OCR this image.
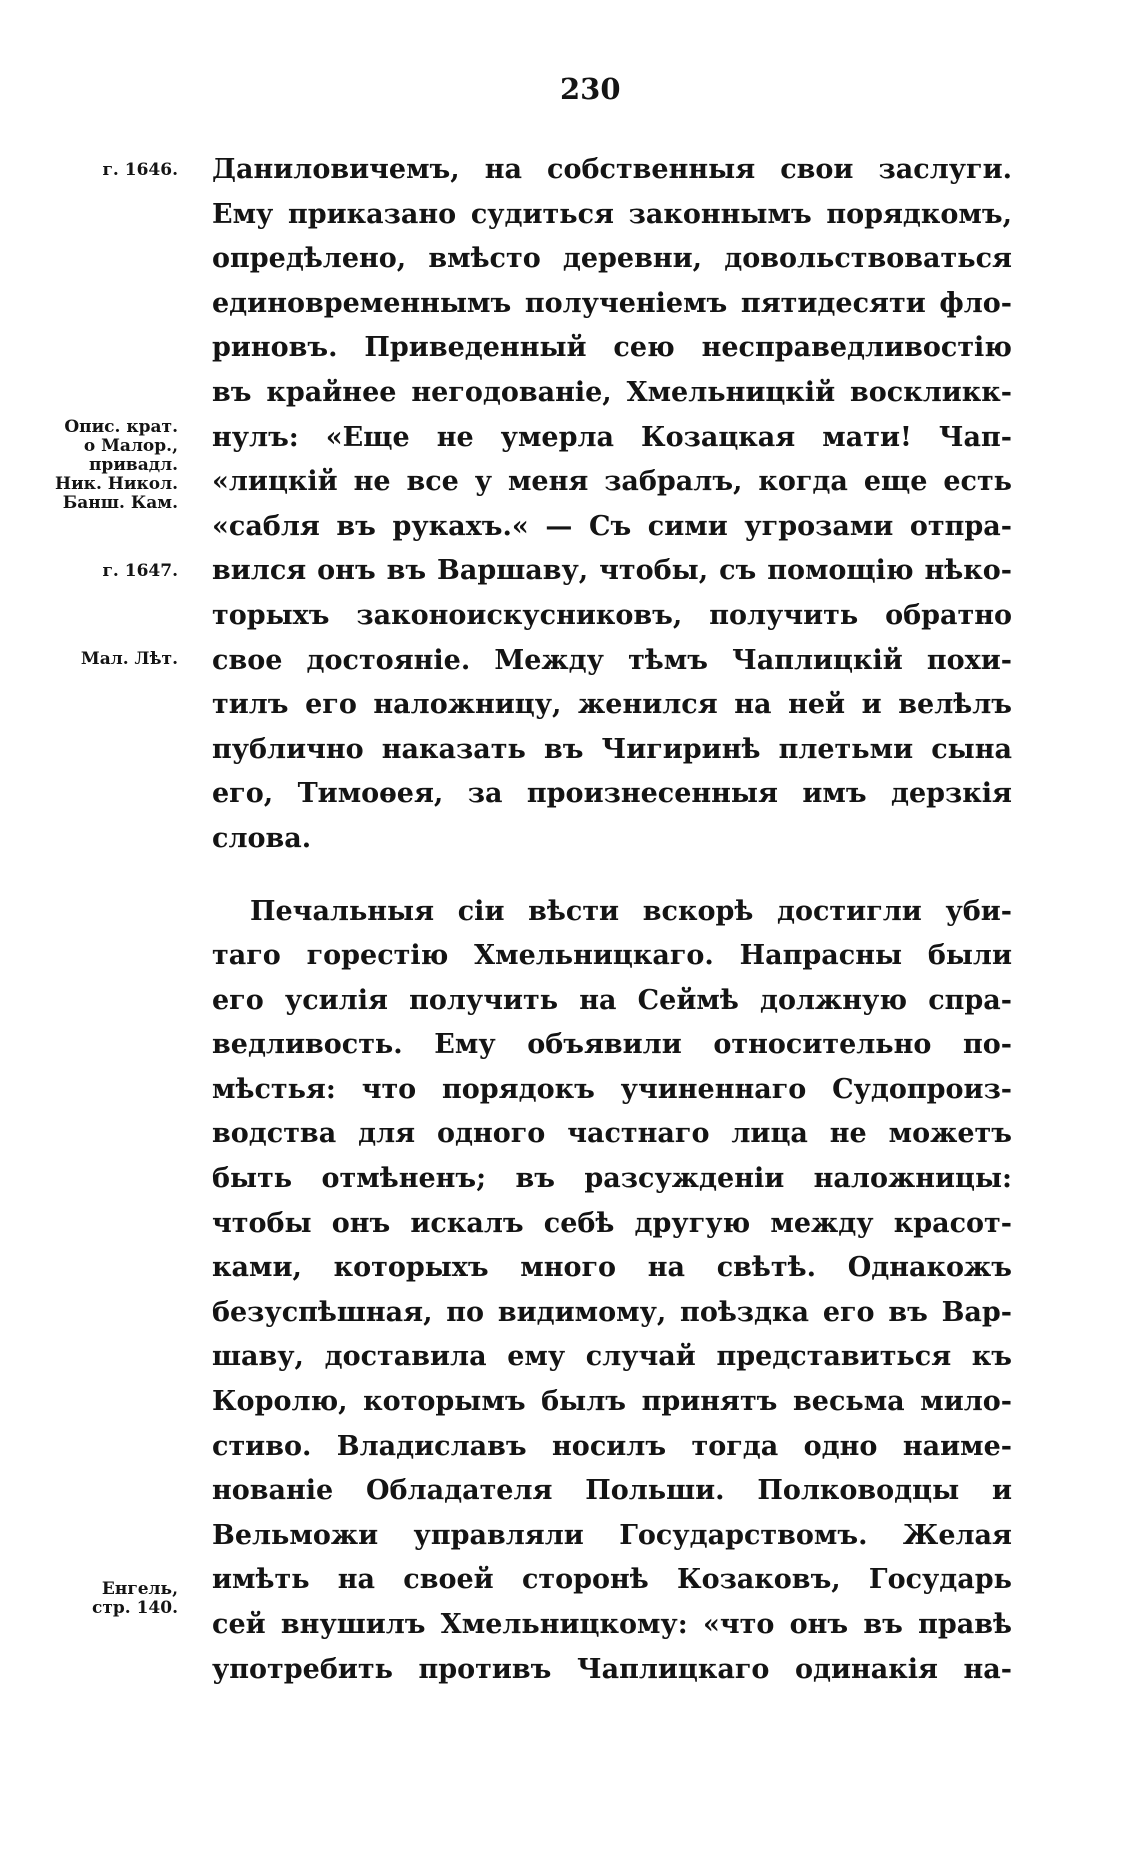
230
г. 1646.
Опис. крат.
о Малор.,
привадл.
Ник. Никол.
Банш. Кам.
г. 1647.
Мал. Лѣт.
Енгель,
стр. 140.
Даниловичемъ, на собственныя свои заслуги.
Ему приказано судиться законнымъ порядкомъ,
опредѣлено, вмѣсто деревни, довольствоваться
единовременнымъ полученіемъ пятидесяти фло-
риновъ. Приведенный сею несправедливостію
въ крайнее негодованіе, Хмельницкій воскликк-
нулъ: «Еще не умерла Козацкая мати! Чап-
«лицкій не все у меня забралъ, когда еще есть
«сабля въ рукахъ.« — Съ сими угрозами отпра-
вился онъ въ Варшаву, чтобы, съ помощію нѣко-
торыхъ законоискусниковъ, получить обратно
свое достояніе. Между тѣмъ Чаплицкій похи-
тилъ его наложницу, женился на ней и велѣлъ
публично наказать въ Чигиринѣ плетьми сына
его, Тимоѳея, за произнесенныя имъ дерзкія
слова.
Печальныя сіи вѣсти вскорѣ достигли уби-
таго горестію Хмельницкаго. Напрасны были
его усилія получить на Сеймѣ должную спра-
ведливость. Ему объявили относительно по-
мѣстья: что порядокъ учиненнаго Судопроиз-
водства для одного частнаго лица не можетъ
быть отмѣненъ; въ разсужденіи наложницы:
чтобы онъ искалъ себѣ другую между красот-
ками, которыхъ много на свѣтѣ. Однакожъ
безуспѣшная, по видимому, поѣздка его въ Вар-
шаву, доставила ему случай представиться къ
Королю, которымъ былъ принятъ весьма мило-
стиво. Владиславъ носилъ тогда одно наиме-
нованіе Обладателя Польши. Полководцы и
Вельможи управляли Государствомъ. Желая
имѣть на своей сторонѣ Козаковъ, Государь
сей внушилъ Хмельницкому: «что онъ въ правѣ
употребить противъ Чаплицкаго одинакія на-
